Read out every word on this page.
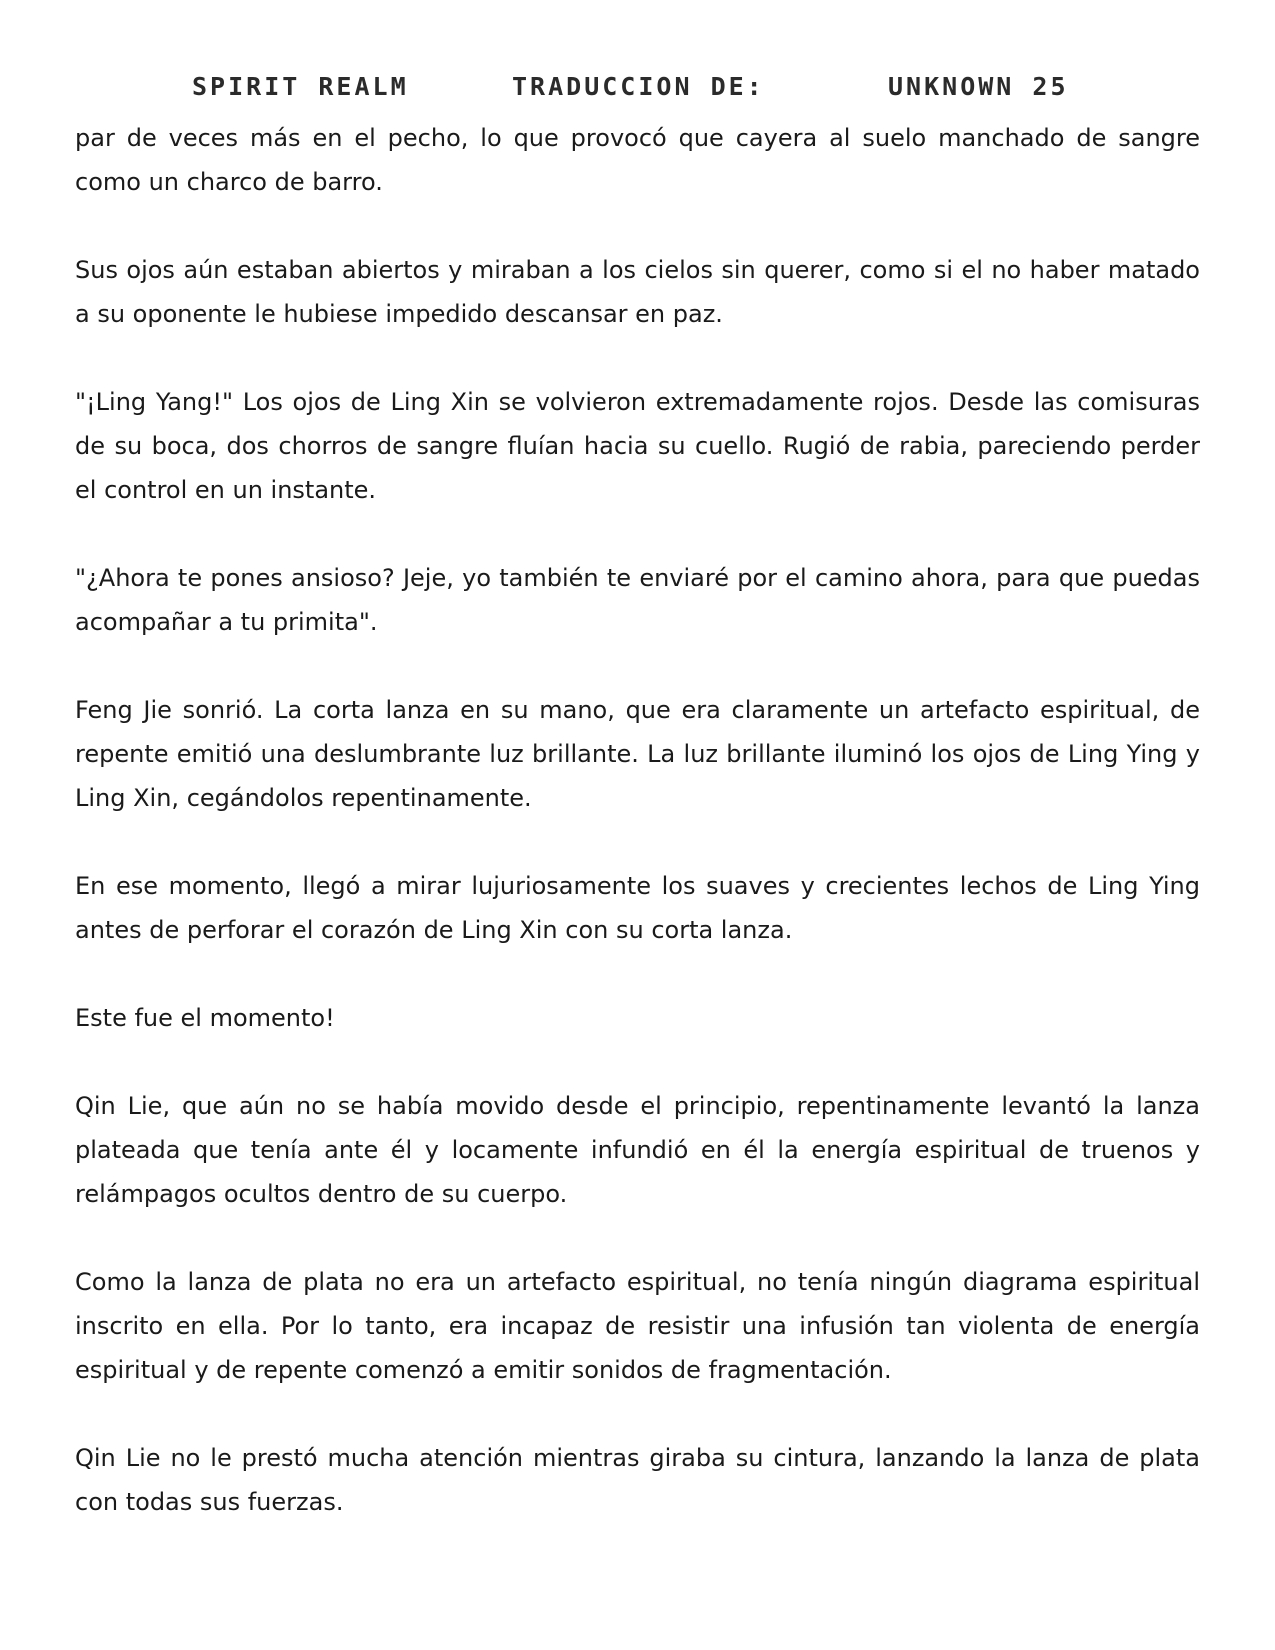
SPIRIT REALM	TRADUCCION DE:	UNKNOWN 25

par de veces más en el pecho, lo que provocó que cayera al suelo manchado de sangre como un charco de barro.

Sus ojos aún estaban abiertos y miraban a los cielos sin querer, como si el no haber matado a su oponente le hubiese impedido descansar en paz.

"¡Ling Yang!" Los ojos de Ling Xin se volvieron extremadamente rojos. Desde las comisuras de su boca, dos chorros de sangre fluían hacia su cuello. Rugió de rabia, pareciendo perder el control en un instante.

"¿Ahora te pones ansioso? Jeje, yo también te enviaré por el camino ahora, para que puedas acompañar a tu primita".

Feng Jie sonrió. La corta lanza en su mano, que era claramente un artefacto espiritual, de repente emitió una deslumbrante luz brillante. La luz brillante iluminó los ojos de Ling Ying y Ling Xin, cegándolos repentinamente.

En ese momento, llegó a mirar lujuriosamente los suaves y crecientes lechos de Ling Ying antes de perforar el corazón de Ling Xin con su corta lanza.

Este fue el momento!

Qin Lie, que aún no se había movido desde el principio, repentinamente levantó la lanza plateada que tenía ante él y locamente infundió en él la energía espiritual de truenos y relámpagos ocultos dentro de su cuerpo.

Como la lanza de plata no era un artefacto espiritual, no tenía ningún diagrama espiritual inscrito en ella. Por lo tanto, era incapaz de resistir una infusión tan violenta de energía espiritual y de repente comenzó a emitir sonidos de fragmentación.

Qin Lie no le prestó mucha atención mientras giraba su cintura, lanzando la lanza de plata con todas sus fuerzas.
